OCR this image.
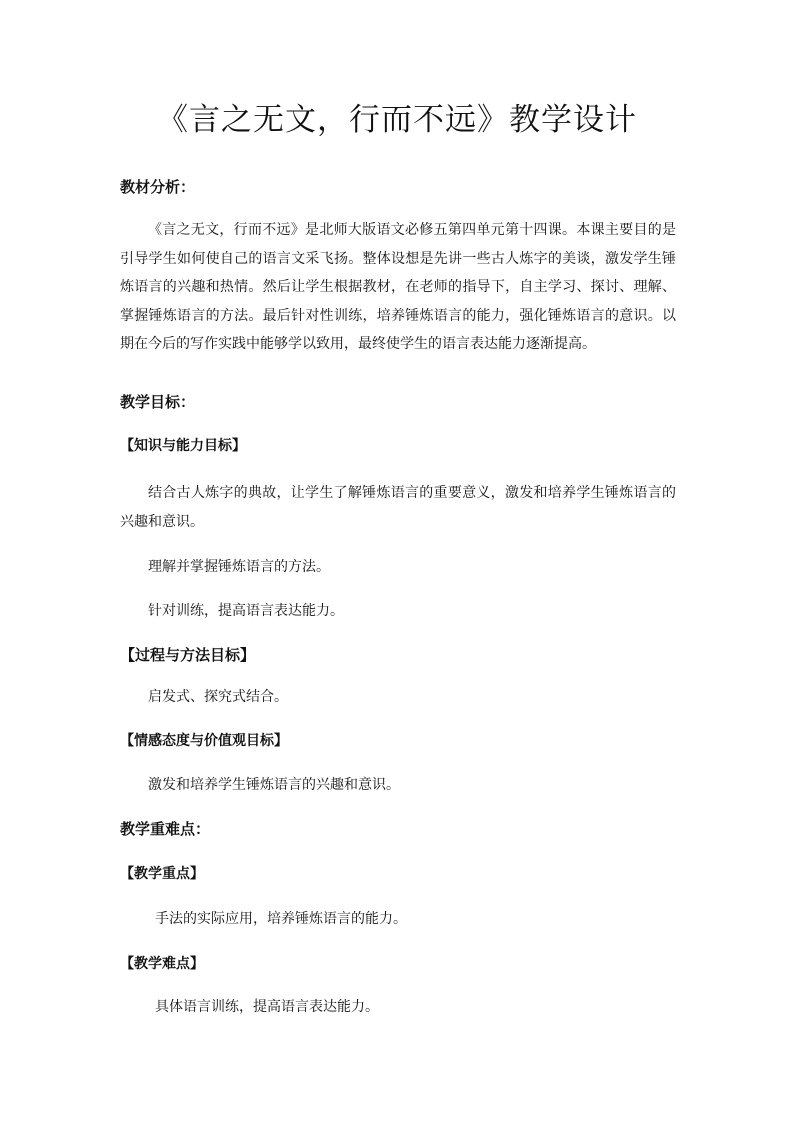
《言之无文，行而不远》教学设计
教材分析：

《言之无文，行而不远》是北师大版语文必修五第四单元第十四课。本课主要目的是引导学生如何使自己的语言文采飞扬。整体设想是先讲一些古人炼字的美谈，激发学生锤炼语言的兴趣和热情。然后让学生根据教材，在老师的指导下，自主学习、探讨、理解、掌握锤炼语言的方法。最后针对性训练，培养锤炼语言的能力，强化锤炼语言的意识。以期在今后的写作实践中能够学以致用，最终使学生的语言表达能力逐渐提高。

教学目标：
【知识与能力目标】

结合古人炼字的典故，让学生了解锤炼语言的重要意义，激发和培养学生锤炼语言的兴趣和意识。

理解并掌握锤炼语言的方法。

针对训练，提高语言表达能力。

【过程与方法目标】

启发式、探究式结合。

【情感态度与价值观目标】

激发和培养学生锤炼语言的兴趣和意识。

教学重难点：
【教学重点】

手法的实际应用，培养锤炼语言的能力。

【教学难点】

具体语言训练，提高语言表达能力。
